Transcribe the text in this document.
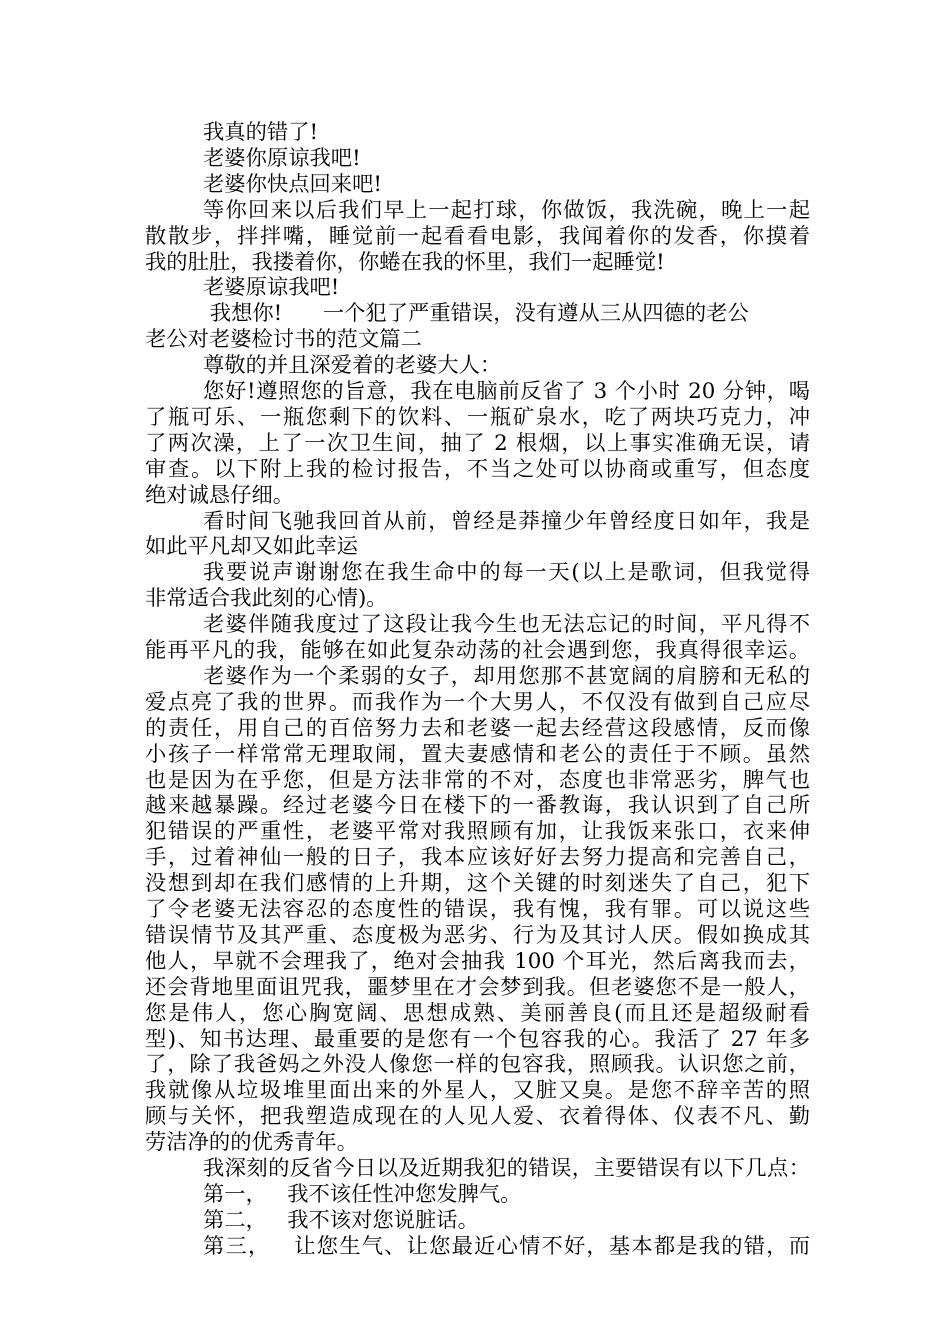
我真的错了!

老婆你原谅我吧!

老婆你快点回来吧!

等你回来以后我们早上一起打球，你做饭，我洗碗，晚上一起

散散步，拌拌嘴，睡觉前一起看看电影，我闻着你的发香，你摸着

我的肚肚，我搂着你，你蜷在我的怀里，我们一起睡觉!

老婆原谅我吧!

我想你!      一个犯了严重错误，没有遵从三从四德的老公

老公对老婆检讨书的范文篇二

尊敬的并且深爱着的老婆大人：

您好!遵照您的旨意，我在电脑前反省了 3 个小时 20 分钟，喝

了瓶可乐、一瓶您剩下的饮料、一瓶矿泉水，吃了两块巧克力，冲

了两次澡，上了一次卫生间，抽了 2 根烟，以上事实准确无误，请

审查。以下附上我的检讨报告，不当之处可以协商或重写，但态度

绝对诚恳仔细。

看时间飞驰我回首从前，曾经是莽撞少年曾经度日如年，我是

如此平凡却又如此幸运

我要说声谢谢您在我生命中的每一天(以上是歌词，但我觉得

非常适合我此刻的心情)。

老婆伴随我度过了这段让我今生也无法忘记的时间，平凡得不

能再平凡的我，能够在如此复杂动荡的社会遇到您，我真得很幸运。

老婆作为一个柔弱的女子，却用您那不甚宽阔的肩膀和无私的

爱点亮了我的世界。而我作为一个大男人，不仅没有做到自己应尽

的责任，用自己的百倍努力去和老婆一起去经营这段感情，反而像

小孩子一样常常无理取闹，置夫妻感情和老公的责任于不顾。虽然

也是因为在乎您，但是方法非常的不对，态度也非常恶劣，脾气也

越来越暴躁。经过老婆今日在楼下的一番教诲，我认识到了自己所

犯错误的严重性，老婆平常对我照顾有加，让我饭来张口，衣来伸

手，过着神仙一般的日子，我本应该好好去努力提高和完善自己，

没想到却在我们感情的上升期，这个关键的时刻迷失了自己，犯下

了令老婆无法容忍的态度性的错误，我有愧，我有罪。可以说这些

错误情节及其严重、态度极为恶劣、行为及其讨人厌。假如换成其

他人，早就不会理我了，绝对会抽我 100 个耳光，然后离我而去，

还会背地里面诅咒我，噩梦里在才会梦到我。但老婆您不是一般人，

您是伟人，您心胸宽阔、思想成熟、美丽善良(而且还是超级耐看

型)、知书达理、最重要的是您有一个包容我的心。我活了 27 年多

了，除了我爸妈之外没人像您一样的包容我，照顾我。认识您之前，

我就像从垃圾堆里面出来的外星人，又脏又臭。是您不辞辛苦的照

顾与关怀，把我塑造成现在的人见人爱、衣着得体、仪表不凡、勤

劳洁净的的优秀青年。

我深刻的反省今日以及近期我犯的错误，主要错误有以下几点：

第一，   我不该任性冲您发脾气。

第二，   我不该对您说脏话。

第三，   让您生气、让您最近心情不好，基本都是我的错，而
